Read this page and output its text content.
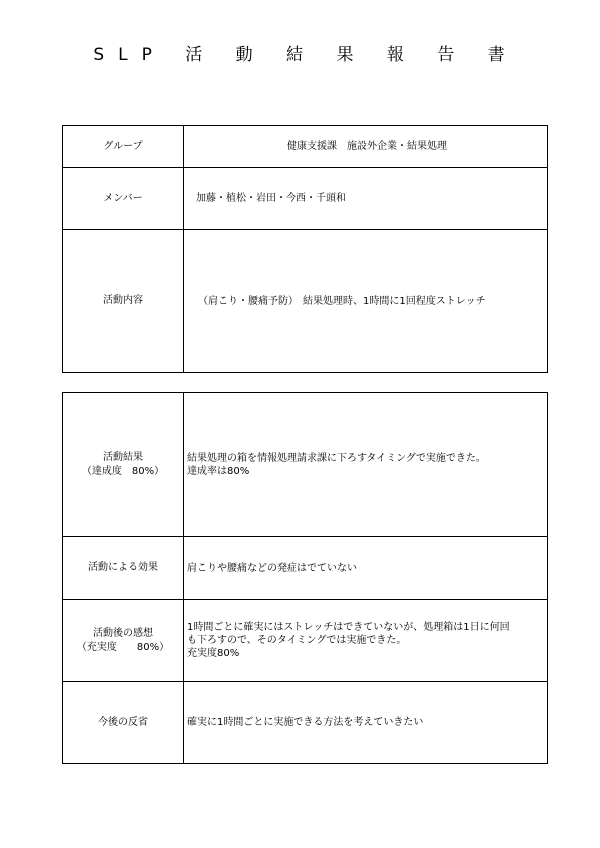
SLP 活 動 結 果 報 告 書
グループ	健康支援課　施設外企業・結果処理
メンバー	加藤・植松・岩田・今西・千頭和
活動内容	（肩こり・腰痛予防）　結果処理時、1時間に1回程度ストレッチ
活動結果
（達成度　80%）	結果処理の箱を情報処理請求課に下ろすタイミングで実施できた。
達成率は80%

活動による効果	肩こりや腰痛などの発症はでていない

活動後の感想
（充実度　　80%）	1時間ごとに確実にはストレッチはできていないが、処理箱は1日に何回
も下ろすので、そのタイミングでは実施できた。
充実度80%

今後の反省	確実に1時間ごとに実施できる方法を考えていきたい
